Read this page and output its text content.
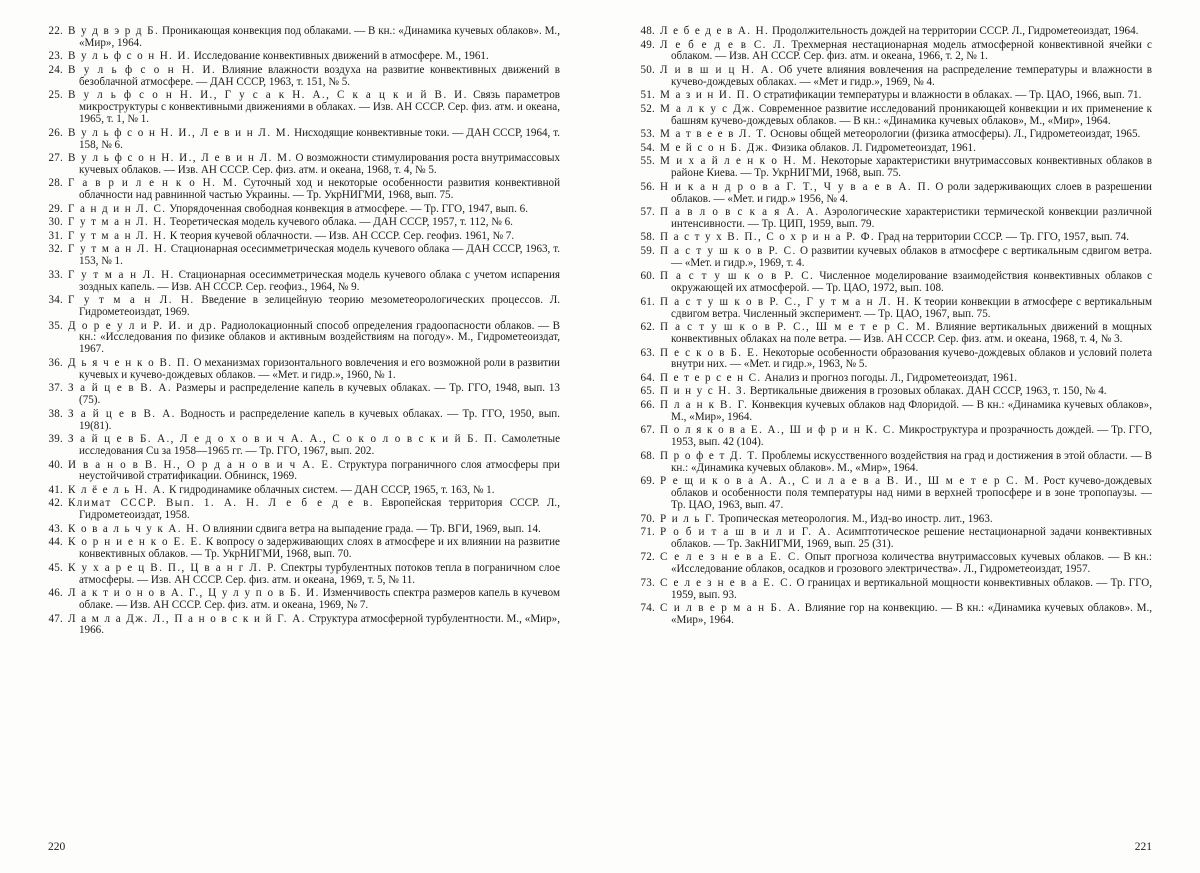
22. В у д в э р д Б. Проникающая конвекция под облаками. — В кн.: «Динамика кучевых облаков». М., «Мир», 1964.
23. В у л ь ф с о н Н. И. Исследование конвективных движений в атмосфере. М., 1961.
24. В у л ь ф с о н Н. И. Влияние влажности воздуха на развитие конвективных движений в безоблачной атмосфере. — ДАН СССР, 1963, т. 151, № 5.
25. В у л ь ф с о н Н. И., Г у с а к Н. А., С к а ц к и й В. И. Связь параметров микроструктуры с конвективными движениями в облаках. — Изв. АН СССР. Сер. физ. атм. и океана, 1965, т. 1, № 1.
26. В у л ь ф с о н Н. И., Л е в и н Л. М. Нисходящие конвективные токи. — ДАН СССР, 1964, т. 158, № 6.
27. В у л ь ф с о н Н. И., Л е в и н Л. М. О возможности стимулирования роста внутримассовых кучевых облаков. — Изв. АН СССР. Сер. физ. атм. и океана, 1968, т. 4, № 5.
28. Г а в р и л е н к о Н. М. Суточный ход и некоторые особенности развития конвективной облачности над равнинной частью Украины. — Тр. УкрНИГМИ, 1968, вып. 75.
29. Г а н д и н Л. С. Упорядоченная свободная конвекция в атмосфере. — Тр. ГГО, 1947, вып. 6.
30. Г у т м а н Л. Н. Теоретическая модель кучевого облака. — ДАН СССР, 1957, т. 112, № 6.
31. Г у т м а н Л. Н. К теория кучевой облачности. — Изв. АН СССР. Сер. геофиз. 1961, № 7.
32. Г у т м а н Л. Н. Стационарная осесимметрическая модель кучевого облака — ДАН СССР, 1963, т. 153, № 1.
33. Г у т м а н Л. Н. Стационарная осесимметрическая модель кучевого облака с учетом испарения зоздных капель. — Изв. АН СССР. Сер. геофиз., 1964, № 9.
34. Г у т м а н Л. Н. Введение в зелицейную теорию мезометеорологических процессов. Л. Гидрометеоиздат, 1969.
35. Д о р е у л и Р. И. и др. Радиолокационный способ определения градоопасности облаков. — В кн.: «Исследования по физике облаков и активным воздействиям на погоду». М., Гидрометеоиздат, 1967.
36. Д ь я ч е н к о В. П. О механизмах горизонтального вовлечения и его возможной роли в развитии кучевых и кучево-дождевых облаков. — «Мет. и гидр.», 1960, № 1.
37. З а й ц е в В. А. Размеры и распределение капель в кучевых облаках. — Тр. ГГО, 1948, вып. 13 (75).
38. З а й ц е в В. А. Водность и распределение капель в кучевых облаках. — Тр. ГГО, 1950, вып. 19(81).
39. З а й ц е в Б. А., Л е д о х о в и ч А. А., С о к о л о в с к и й Б. П. Самолетные исследования Cu за 1958—1965 гг. — Тр. ГГО, 1967, вып. 202.
40. И в а н о в В. Н., О р д а н о в и ч А. Е. Структура пограничного слоя атмосферы при неустойчивой стратификации. Обнинск, 1969.
41. К л ё е л ь Н. А. К гидродинамике облачных систем. — ДАН СССР, 1965, т. 163, № 1.
42. Климат СССР. Вып. 1. А. Н. Л е б е д е в. Европейская территория СССР. Л., Гидрометеоиздат, 1958.
43. К о в а л ь ч у к А. Н. О влиянии сдвига ветра на выпадение града. — Тр. ВГИ, 1969, вып. 14.
44. К о р н и е н к о Е. Е. К вопросу о задерживающих слоях в атмосфере и их влиянии на развитие конвективных облаков. — Тр. УкрНИГМИ, 1968, вып. 70.
45. К у х а р е ц В. П., Ц в а н г Л. Р. Спектры турбулентных потоков тепла в пограничном слое атмосферы. — Изв. АН СССР. Сер. физ. атм. и океана, 1969, т. 5, № 11.
46. Л а к т и о н о в А. Г., Ц у л у п о в Б. И. Изменчивость спектра размеров капель в кучевом облаке. — Изв. АН СССР. Сер. физ. атм. и океана, 1969, № 7.
47. Л а м л а Дж. Л., П а н о в с к и й Г. А. Структура атмосферной турбулентности. М., «Мир», 1966.
48. Л е б е д е в А. Н. Продолжительность дождей на территории СССР. Л., Гидрометеоиздат, 1964.
49. Л е б е д е в С. Л. Трехмерная нестационарная модель атмосферной конвективной ячейки с облаком. — Изв. АН СССР. Сер. физ. атм. и океана, 1966, т. 2, № 1.
50. Л и в ш и ц Н. А. Об учете влияния вовлечения на распределение температуры и влажности в кучево-дождевых облаках. — «Мет и гидр.», 1969, № 4.
51. М а з и н И. П. О стратификации температуры и влажности в облаках. — Тр. ЦАО, 1966, вып. 71.
52. М а л к у с Дж. Современное развитие исследований проникающей конвекции и их применение к башням кучево-дождевых облаков. — В кн.: «Динамика кучевых облаков», М., «Мир», 1964.
53. М а т в е е в Л. Т. Основы общей метеорологии (физика атмосферы). Л., Гидрометеоиздат, 1965.
54. М е й с о н Б. Дж. Физика облаков. Л. Гидрометеоиздат, 1961.
55. М и х а й л е н к о Н. М. Некоторые характеристики внутримассовых конвективных облаков в районе Киева. — Тр. УкрНИГМИ, 1968, вып. 75.
56. Н и к а н д р о в а Г. Т., Ч у в а е в А. П. О роли задерживающих слоев в разрешении облаков. — «Мет. и гидр.» 1956, № 4.
57. П а в л о в с к а я А. А. Аэрологические характеристики термической конвекции различной интенсивности. — Тр. ЦИП, 1959, вып. 79.
58. П а с т у х В. П., С о х р и н а Р. Ф. Град на территории СССР. — Тр. ГГО, 1957, вып. 74.
59. П а с т у ш к о в Р. С. О развитии кучевых облаков в атмосфере с вертикальным сдвигом ветра. — «Мет. и гидр.», 1969, т. 4.
60. П а с т у ш к о в Р. С. Численное моделирование взаимодействия конвективных облаков с окружающей их атмосферой. — Тр. ЦАО, 1972, вып. 108.
61. П а с т у ш к о в Р. С., Г у т м а н Л. Н. К теории конвекции в атмосфере с вертикальным сдвигом ветра. Численный эксперимент. — Тр. ЦАО, 1967, вып. 75.
62. П а с т у ш к о в Р. С., Ш м е т е р С. М. Влияние вертикальных движений в мощных конвективных облаках на поле ветра. — Изв. АН СССР. Сер. физ. атм. и океана, 1968, т. 4, № 3.
63. П е с к о в Б. Е. Некоторые особенности образования кучево-дождевых облаков и условий полета внутри них. — «Мет. и гидр.», 1963, № 5.
64. П е т е р с е н С. Анализ и прогноз погоды. Л., Гидрометеоиздат, 1961.
65. П и н у с Н. З. Вертикальные движения в грозовых облаках. ДАН СССР, 1963, т. 150, № 4.
66. П л а н к В. Г. Конвекция кучевых облаков над Флоридой. — В кн.: «Динамика кучевых облаков», М., «Мир», 1964.
67. П о л я к о в а Е. А., Ш и ф р и н К. С. Микроструктура и прозрачность дождей. — Тр. ГГО, 1953, вып. 42 (104).
68. П р о ф е т Д. Т. Проблемы искусственного воздействия на град и достижения в этой области. — В кн.: «Динамика кучевых облаков». М., «Мир», 1964.
69. Р е щ и к о в а А. А., С и л а е в а В. И., Ш м е т е р С. М. Рост кучево-дождевых облаков и особенности поля температуры над ними в верхней тропосфере и в зоне тропопаузы. — Тр. ЦАО, 1963, вып. 47.
70. Р и л ь Г. Тропическая метеорология. М., Изд-во иностр. лит., 1963.
71. Р о б и т а ш в и л и Г. А. Асимптотическое решение нестационарной задачи конвективных облаков. — Тр. ЗакНИГМИ, 1969, вып. 25 (31).
72. С е л е з н е в а Е. С. Опыт прогноза количества внутримассовых кучевых облаков. — В кн.: «Исследование облаков, осадков и грозового электричества». Л., Гидрометеоиздат, 1957.
73. С е л е з н е в а Е. С. О границах и вертикальной мощности конвективных облаков. — Тр. ГГО, 1959, вып. 93.
74. С и л в е р м а н Б. А. Влияние гор на конвекцию. — В кн.: «Динамика кучевых облаков». М., «Мир», 1964.
220	221
